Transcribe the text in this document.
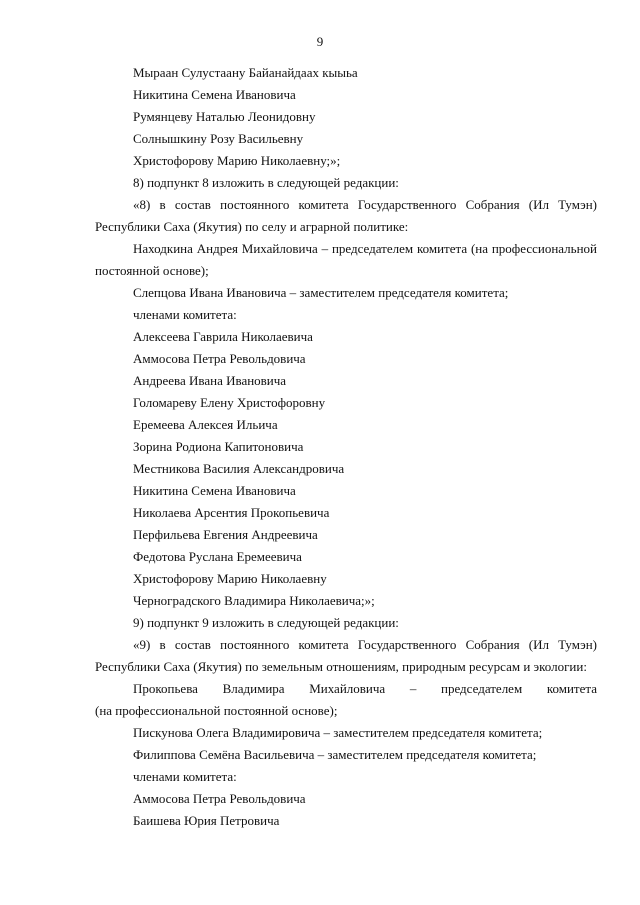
9
Мыраан Сулустаану Байанайдаах кыыьа
Никитина Семена Ивановича
Румянцеву Наталью Леонидовну
Солнышкину Розу Васильевну
Христофорову Марию Николаевну;»;
8) подпункт 8 изложить в следующей редакции:
«8) в состав постоянного комитета Государственного Собрания (Ил Тумэн)
Республики Саха (Якутия) по селу и аграрной политике:
Находкина Андрея Михайловича – председателем комитета (на профессиональной
постоянной основе);
Слепцова Ивана Ивановича – заместителем председателя комитета;
членами комитета:
Алексеева Гаврила Николаевича
Аммосова Петра Револьдовича
Андреева Ивана Ивановича
Голомареву Елену Христофоровну
Еремеева Алексея Ильича
Зорина Родиона Капитоновича
Местникова Василия Александровича
Никитина Семена Ивановича
Николаева Арсентия Прокопьевича
Перфильева Евгения Андреевича
Федотова Руслана Еремеевича
Христофорову Марию Николаевну
Черноградского Владимира Николаевича;»;
9) подпункт 9 изложить в следующей редакции:
«9) в состав постоянного комитета Государственного Собрания (Ил Тумэн)
Республики Саха (Якутия) по земельным отношениям, природным ресурсам и экологии:
Прокопьева Владимира Михайловича – председателем комитета
(на профессиональной постоянной основе);
Пискунова Олега Владимировича – заместителем председателя комитета;
Филиппова Семёна Васильевича – заместителем председателя комитета;
членами комитета:
Аммосова Петра Револьдовича
Баишева Юрия Петровича
